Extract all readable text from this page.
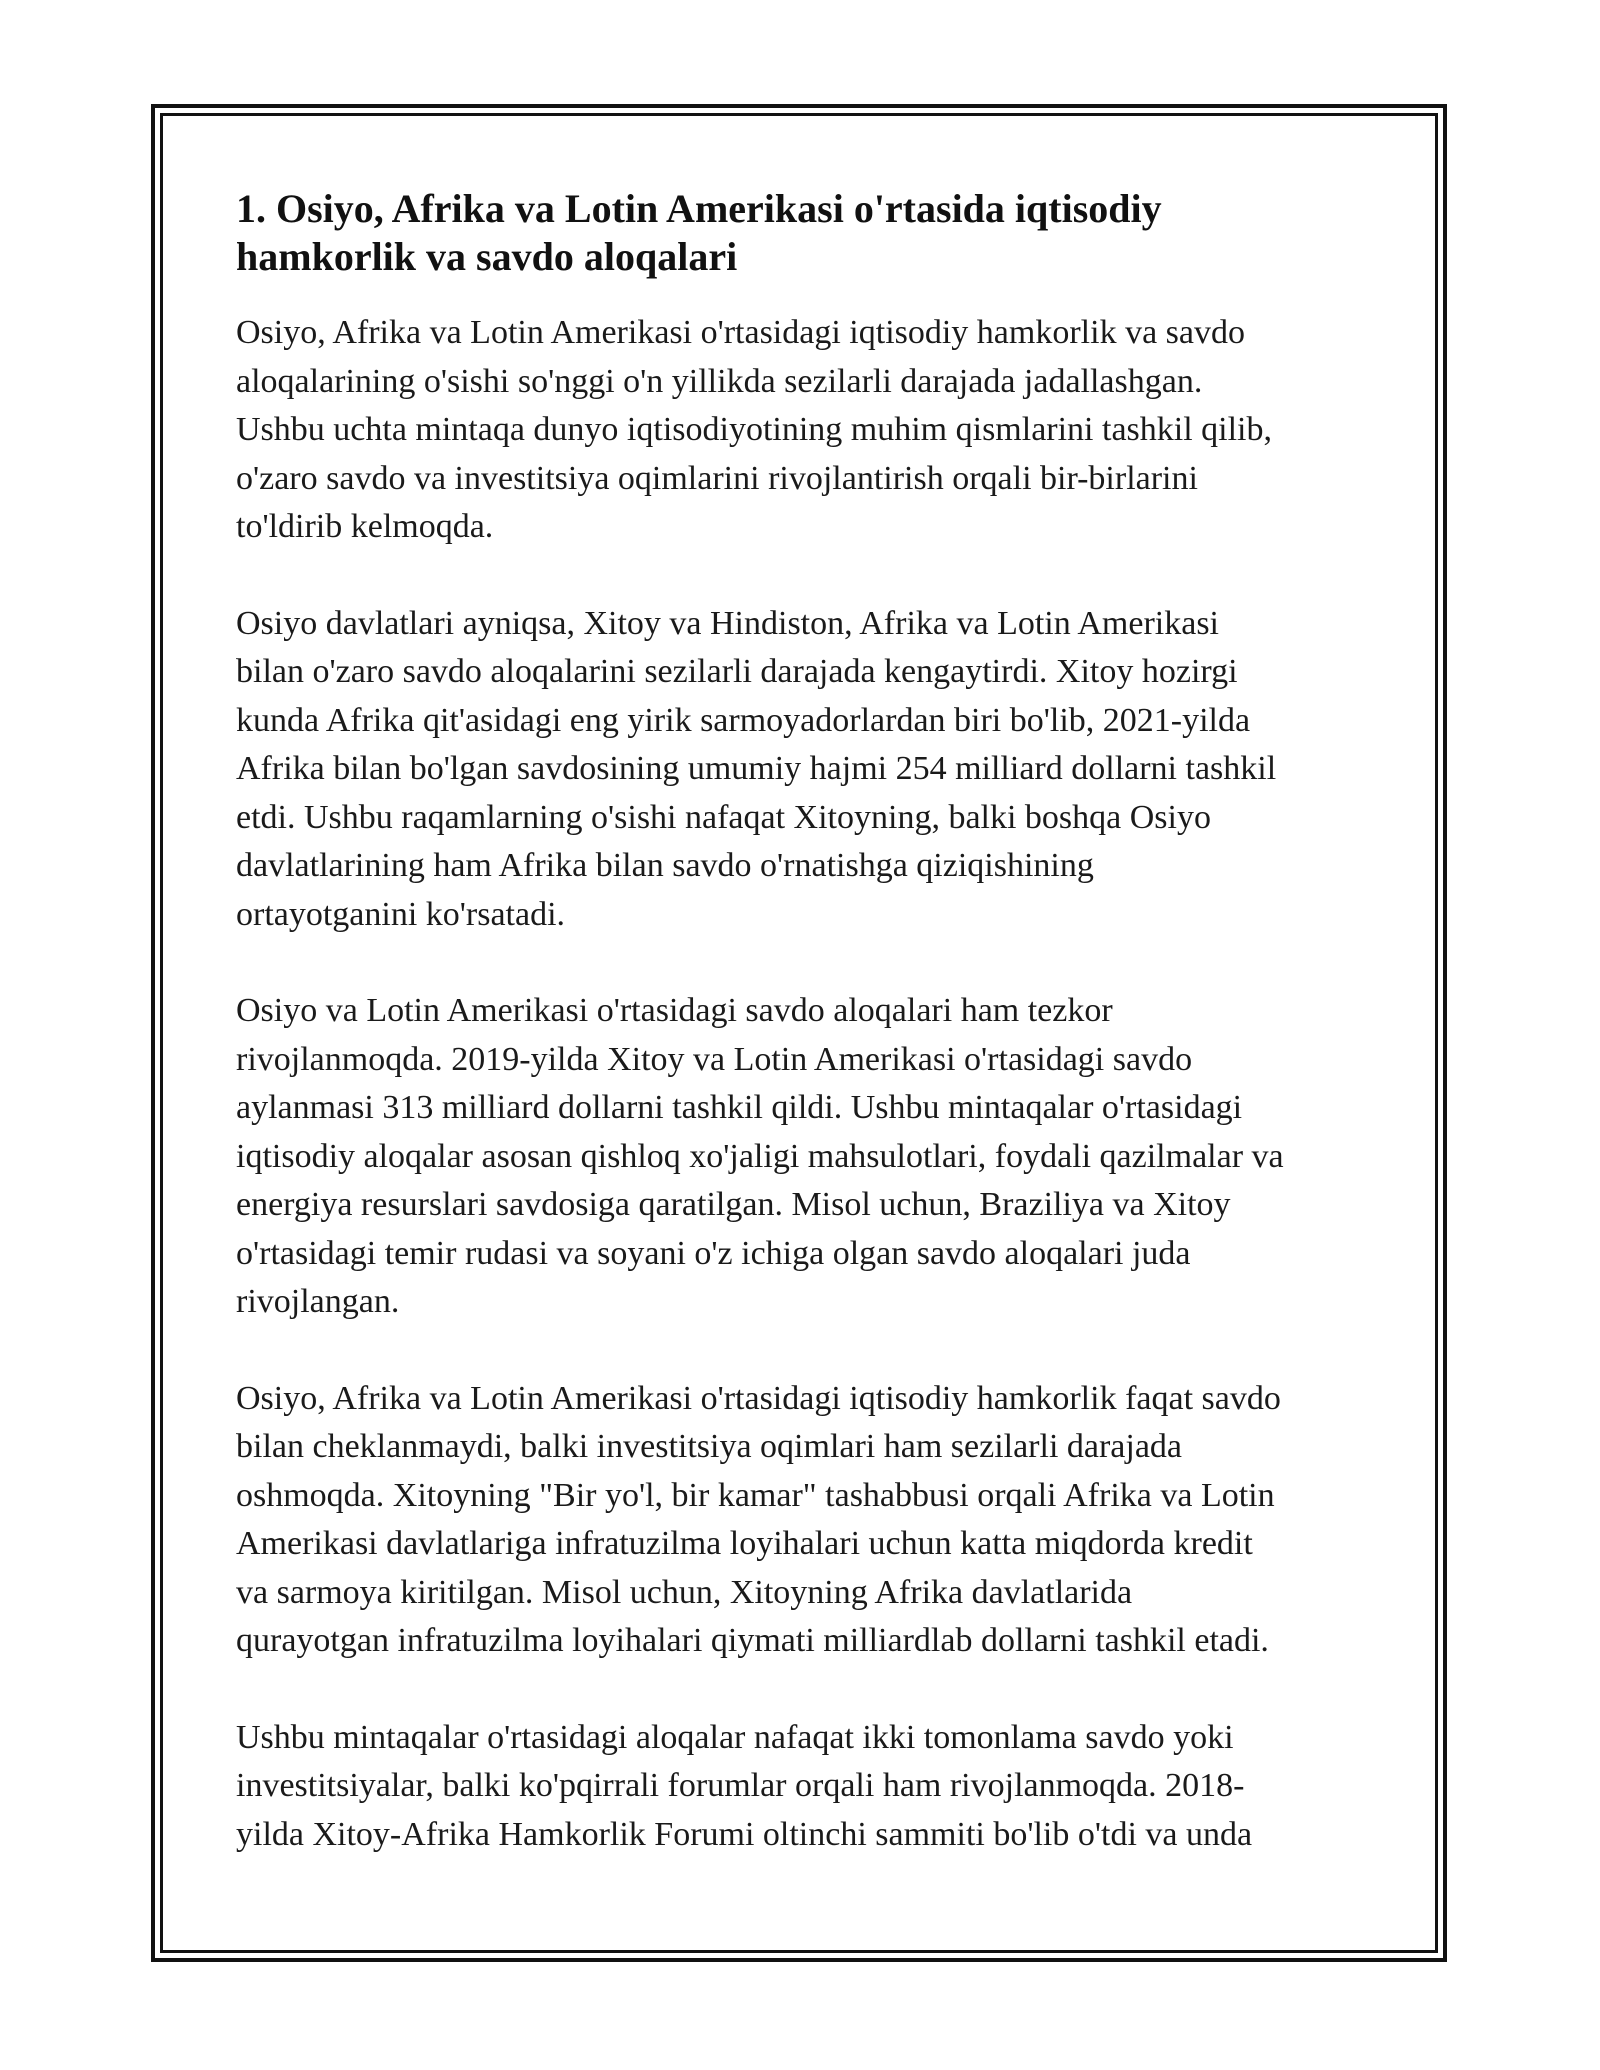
1. Osiyo, Afrika va Lotin Amerikasi o'rtasida iqtisodiy
hamkorlik va savdo aloqalari

Osiyo, Afrika va Lotin Amerikasi o'rtasidagi iqtisodiy hamkorlik va savdo
aloqalarining o'sishi so'nggi o'n yillikda sezilarli darajada jadallashgan.
Ushbu uchta mintaqa dunyo iqtisodiyotining muhim qismlarini tashkil qilib,
o'zaro savdo va investitsiya oqimlarini rivojlantirish orqali bir-birlarini
to'ldirib kelmoqda.

Osiyo davlatlari ayniqsa, Xitoy va Hindiston, Afrika va Lotin Amerikasi
bilan o'zaro savdo aloqalarini sezilarli darajada kengaytirdi. Xitoy hozirgi
kunda Afrika qit'asidagi eng yirik sarmoyadorlardan biri bo'lib, 2021-yilda
Afrika bilan bo'lgan savdosining umumiy hajmi 254 milliard dollarni tashkil
etdi. Ushbu raqamlarning o'sishi nafaqat Xitoyning, balki boshqa Osiyo
davlatlarining ham Afrika bilan savdo o'rnatishga qiziqishining
ortayotganini ko'rsatadi.

Osiyo va Lotin Amerikasi o'rtasidagi savdo aloqalari ham tezkor
rivojlanmoqda. 2019-yilda Xitoy va Lotin Amerikasi o'rtasidagi savdo
aylanmasi 313 milliard dollarni tashkil qildi. Ushbu mintaqalar o'rtasidagi
iqtisodiy aloqalar asosan qishloq xo'jaligi mahsulotlari, foydali qazilmalar va
energiya resurslari savdosiga qaratilgan. Misol uchun, Braziliya va Xitoy
o'rtasidagi temir rudasi va soyani o'z ichiga olgan savdo aloqalari juda
rivojlangan.

Osiyo, Afrika va Lotin Amerikasi o'rtasidagi iqtisodiy hamkorlik faqat savdo
bilan cheklanmaydi, balki investitsiya oqimlari ham sezilarli darajada
oshmoqda. Xitoyning "Bir yo'l, bir kamar" tashabbusi orqali Afrika va Lotin
Amerikasi davlatlariga infratuzilma loyihalari uchun katta miqdorda kredit
va sarmoya kiritilgan. Misol uchun, Xitoyning Afrika davlatlarida
qurayotgan infratuzilma loyihalari qiymati milliardlab dollarni tashkil etadi.

Ushbu mintaqalar o'rtasidagi aloqalar nafaqat ikki tomonlama savdo yoki
investitsiyalar, balki ko'pqirrali forumlar orqali ham rivojlanmoqda. 2018-
yilda Xitoy-Afrika Hamkorlik Forumi oltinchi sammiti bo'lib o'tdi va unda
